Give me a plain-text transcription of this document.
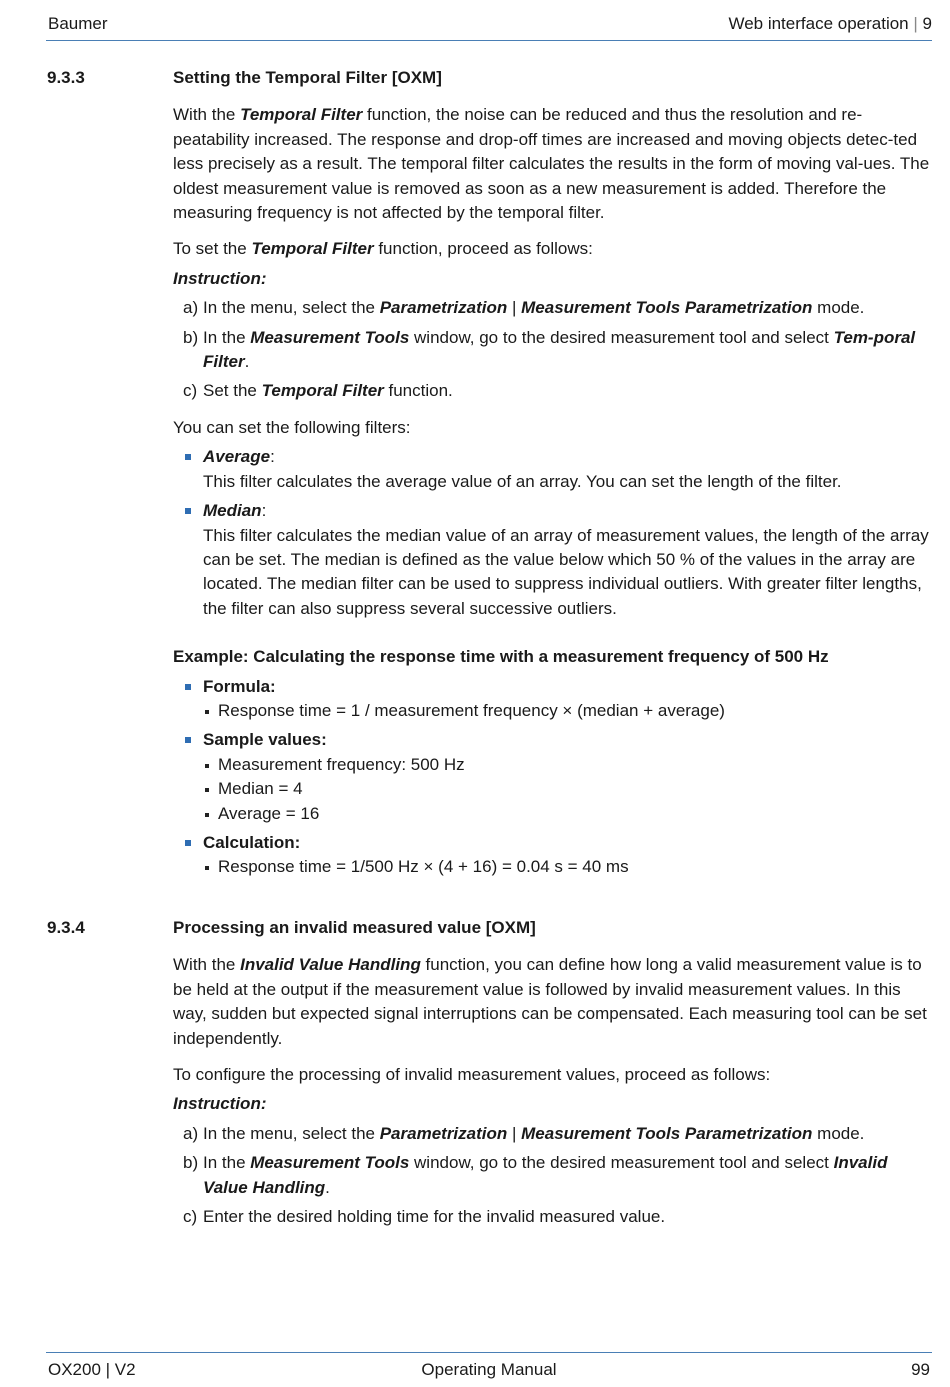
Baumer	Web interface operation | 9
9.3.3	Setting the Temporal Filter [OXM]

With the Temporal Filter function, the noise can be reduced and thus the resolution and re-peatability increased. The response and drop-off times are increased and moving objects detec-ted less precisely as a result. The temporal filter calculates the results in the form of moving val-ues. The oldest measurement value is removed as soon as a new measurement is added. Therefore the measuring frequency is not affected by the temporal filter.

To set the Temporal Filter function, proceed as follows:

Instruction:
a) In the menu, select the Parametrization | Measurement Tools Parametrization mode.
b) In the Measurement Tools window, go to the desired measurement tool and select Tem-poral Filter.
c) Set the Temporal Filter function.

You can set the following filters:

Average:
This filter calculates the average value of an array. You can set the length of the filter.
Median:
This filter calculates the median value of an array of measurement values, the length of the array can be set. The median is defined as the value below which 50 % of the values in the array are located. The median filter can be used to suppress individual outliers. With greater filter lengths, the filter can also suppress several successive outliers.
Example: Calculating the response time with a measurement frequency of 500 Hz
Formula:
Response time = 1 / measurement frequency × (median + average)
Sample values:
Measurement frequency: 500 Hz
Median = 4
Average = 16
Calculation:
Response time = 1/500 Hz × (4 + 16) = 0.04 s = 40 ms
9.3.4	Processing an invalid measured value [OXM]

With the Invalid Value Handling function, you can define how long a valid measurement value is to be held at the output if the measurement value is followed by invalid measurement values. In this way, sudden but expected signal interruptions can be compensated. Each measuring tool can be set independently.

To configure the processing of invalid measurement values, proceed as follows:

Instruction:
a) In the menu, select the Parametrization | Measurement Tools Parametrization mode.
b) In the Measurement Tools window, go to the desired measurement tool and select Invalid Value Handling.
c) Enter the desired holding time for the invalid measured value.
OX200 | V2	Operating Manual	99
